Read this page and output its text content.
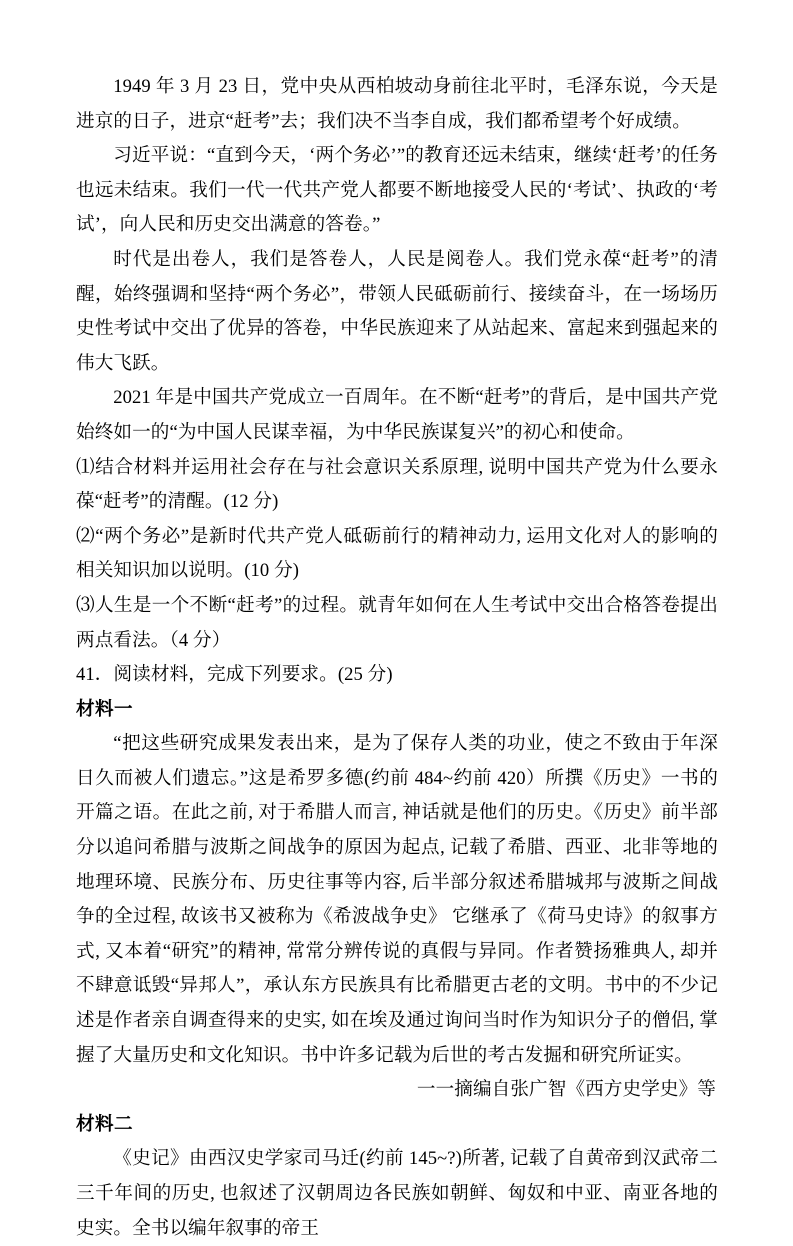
1949 年 3 月 23 日，党中央从西柏坡动身前往北平时，毛泽东说，今天是进京的日子，进京“赶考”去；我们决不当李自成，我们都希望考个好成绩。

习近平说：“直到今天，‘两个务必’”的教育还远未结束，继续‘赶考’的任务也远未结束。我们一代一代共产党人都要不断地接受人民的‘考试’、执政的‘考试’，向人民和历史交出满意的答卷。”

时代是出卷人，我们是答卷人，人民是阅卷人。我们党永葆“赶考”的清醒，始终强调和坚持“两个务必”，带领人民砥砺前行、接续奋斗，在一场场历史性考试中交出了优异的答卷，中华民族迎来了从站起来、富起来到强起来的伟大飞跃。

2021 年是中国共产党成立一百周年。在不断“赶考”的背后，是中国共产党始终如一的“为中国人民谋幸福，为中华民族谋复兴”的初心和使命。

⑴结合材料并运用社会存在与社会意识关系原理, 说明中国共产党为什么要永葆“赶考”的清醒。(12 分)

⑵“两个务必”是新时代共产党人砥砺前行的精神动力, 运用文化对人的影响的相关知识加以说明。(10 分)

⑶人生是一个不断“赶考”的过程。就青年如何在人生考试中交出合格答卷提出两点看法。（4 分）

41．阅读材料，完成下列要求。(25 分)

材料一

“把这些研究成果发表出来，是为了保存人类的功业，使之不致由于年深日久而被人们遗忘。”这是希罗多德(约前 484~约前 420）所撰《历史》一书的开篇之语。在此之前, 对于希腊人而言, 神话就是他们的历史。《历史》前半部分以追问希腊与波斯之间战争的原因为起点, 记载了希腊、西亚、北非等地的地理环境、民族分布、历史往事等内容, 后半部分叙述希腊城邦与波斯之间战争的全过程, 故该书又被称为《希波战争史》 它继承了《荷马史诗》的叙事方式, 又本着“研究”的精神, 常常分辨传说的真假与异同。作者赞扬雅典人, 却并不肆意诋毁“异邦人”，承认东方民族具有比希腊更古老的文明。书中的不少记述是作者亲自调查得来的史实, 如在埃及通过询问当时作为知识分子的僧侣, 掌握了大量历史和文化知识。书中许多记载为后世的考古发掘和研究所证实。

一一摘编自张广智《西方史学史》等

材料二

《史记》由西汉史学家司马迁(约前 145~?)所著, 记载了自黄帝到汉武帝二三千年间的历史, 也叙述了汉朝周边各民族如朝鲜、匈奴和中亚、南亚各地的史实。全书以编年叙事的帝王
